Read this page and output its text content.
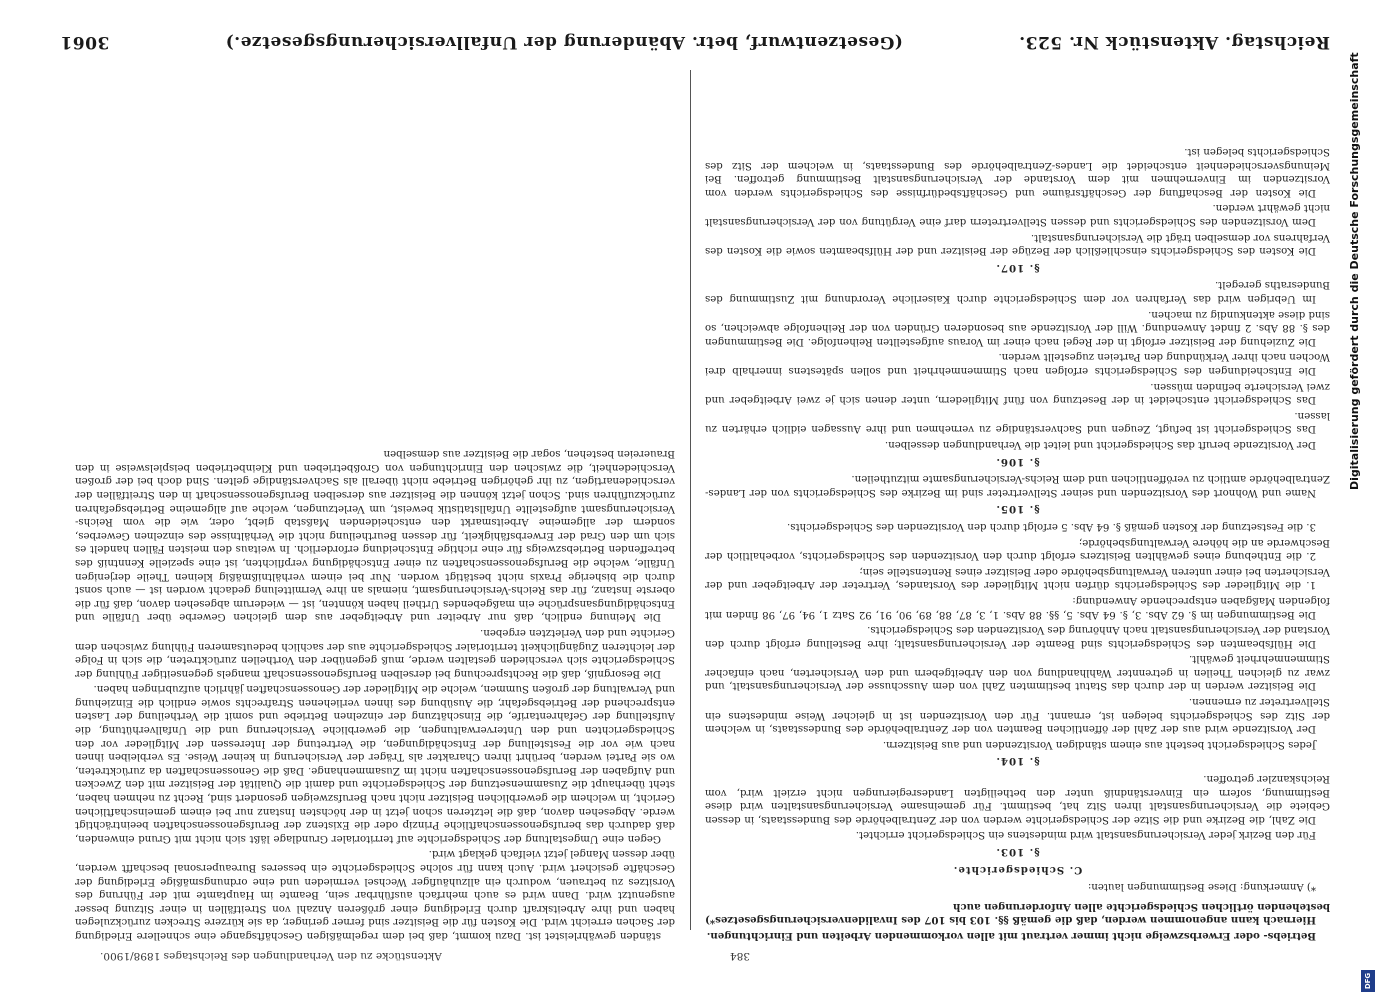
Reichstag. Aktenstück Nr. 523.
(Gesetzentwurf, betr. Abänderung der Unfallversicherungsgesetze.)
3061

Betriebs- oder Erwerbszweige nicht immer vertraut mit allen vorkommenden Arbeiten und Einrichtungen.

Hiernach kann angenommen werden, daß die gemäß §§. 103 bis 107 des Invalidenversicherungsgesetzes*) bestehenden örtlichen Schiedsgerichte allen Anforderungen auch

*) Anmerkung: Diese Bestimmungen lauten:

C. Schiedsgerichte.

§. 103.

Für den Bezirk jeder Versicherungsanstalt wird mindestens ein Schiedsgericht errichtet.

Die Zahl, die Bezirke und die Sitze der Schiedsgerichte werden von der Zentralbehörde des Bundesstaats, in dessen Gebiete die Versicherungsanstalt ihren Sitz hat, bestimmt. Für gemeinsame Versicherungsanstalten wird diese Bestimmung, sofern ein Einverständniß unter den betheiligten Landesregierungen nicht erzielt wird, vom Reichskanzler getroffen.

§. 104.

Jedes Schiedsgericht besteht aus einem ständigen Vorsitzenden und aus Beisitzern.

Der Vorsitzende wird aus der Zahl der öffentlichen Beamten von der Zentralbehörde des Bundesstaats, in welchem der Sitz des Schiedsgerichts belegen ist, ernannt. Für den Vorsitzenden ist in gleicher Weise mindestens ein Stellvertreter zu ernennen.

Die Beisitzer werden in der durch das Statut bestimmten Zahl von dem Ausschusse der Versicherungsanstalt, und zwar zu gleichen Theilen in getrennter Wahlhandlung von den Arbeitgebern und den Versicherten, nach einfacher Stimmenmehrheit gewählt.

Die Hülfsbeamten des Schiedsgerichts sind Beamte der Versicherungsanstalt; ihre Bestellung erfolgt durch den Vorstand der Versicherungsanstalt nach Anhörung des Vorsitzenden des Schiedsgerichts.

Die Bestimmungen im §. 62 Abs. 3, §. 64 Abs. 5, §§. 88 Abs. 1, 3, 87, 88, 89, 90, 91, 92 Satz 1, 94, 97, 98 finden mit folgenden Maßgaben entsprechende Anwendung:

1. die Mitglieder des Schiedsgerichts dürfen nicht Mitglieder des Vorstandes, Vertreter der Arbeitgeber und der Versicherten bei einer unteren Verwaltungsbehörde oder Beisitzer eines Rentenstelle sein;

2. die Enthebung eines gewählten Beisitzers erfolgt durch den Vorsitzenden des Schiedsgerichts, vorbehaltlich der Beschwerde an die höhere Verwaltungsbehörde;

3. die Festsetzung der Kosten gemäß §. 64 Abs. 5 erfolgt durch den Vorsitzenden des Schiedsgerichts.

§. 105.

Name und Wohnort des Vorsitzenden und seiner Stellvertreter sind im Bezirke des Schiedsgerichts von der Landes-Zentralbehörde amtlich zu veröffentlichen und dem Reichs-Versicherungsamte mitzutheilen.

§. 106.

Der Vorsitzende beruft das Schiedsgericht und leitet die Verhandlungen desselben.

Das Schiedsgericht ist befugt, Zeugen und Sachverständige zu vernehmen und ihre Aussagen eidlich erhärten zu lassen.

Das Schiedsgericht entscheidet in der Besetzung von fünf Mitgliedern, unter denen sich je zwei Arbeitgeber und zwei Versicherte befinden müssen.

Die Entscheidungen des Schiedsgerichts erfolgen nach Stimmenmehrheit und sollen spätestens innerhalb drei Wochen nach ihrer Verkündung den Parteien zugestellt werden.

Die Zuziehung der Beisitzer erfolgt in der Regel nach einer im Voraus aufgestellten Reihenfolge. Die Bestimmungen des §. 88 Abs. 2 findet Anwendung. Will der Vorsitzende aus besonderen Gründen von der Reihenfolge abweichen, so sind diese aktenkundig zu machen.

Im Uebrigen wird das Verfahren vor dem Schiedsgerichte durch Kaiserliche Verordnung mit Zustimmung des Bundesraths geregelt.

§. 107.

Die Kosten des Schiedsgerichts einschließlich der Bezüge der Beisitzer und der Hülfsbeamten sowie die Kosten des Verfahrens vor demselben trägt die Versicherungsanstalt.

Dem Vorsitzenden des Schiedsgerichts und dessen Stellvertretern darf eine Vergütung von der Versicherungsanstalt nicht gewährt werden.

Die Kosten der Beschaffung der Geschäftsräume und Geschäftsbedürfnisse des Schiedsgerichts werden vom Vorsitzenden im Einvernehmen mit dem Vorstande der Versicherungsanstalt Bestimmung getroffen. Bei Meinungsverschiedenheit entscheidet die Landes-Zentralbehörde des Bundesstaats, in welchem der Sitz des Schiedsgerichts belegen ist.

ständen gewährleistet ist. Dazu kommt, daß bei dem regelmäßigen Geschäftsgange eine schnellere Erledigung der Sachen erreicht wird. Die Kosten für die Beisitzer sind ferner geringer, da sie kürzere Strecken zurückzulegen haben und ihre Arbeitskraft durch Erledigung einer größeren Anzahl von Streitfällen in einer Sitzung besser ausgenutzt wird. Dann wird es auch mehrfach ausführbar sein, Beamte im Hauptamte mit der Führung des Vorsitzes zu betrauen, wodurch ein allzuhäufiger Wechsel vermieden und eine ordnungsmäßige Erledigung der Geschäfte gesichert wird. Auch kann für solche Schiedsgerichte ein besseres Bureaupersonal beschafft werden, über dessen Mangel jetzt vielfach geklagt wird.

Gegen eine Umgestaltung der Schiedsgerichte auf territorialer Grundlage läßt sich nicht mit Grund einwenden, daß dadurch das berufsgenossenschaftliche Prinzip oder die Existenz der Berufsgenossenschaften beeinträchtigt werde. Abgesehen davon, daß die letzteren schon jetzt in der höchsten Instanz nur bei einem gemeinschaftlichen Gericht, in welchem die gewerblichen Beisitzer nicht nach Berufszweigen gesondert sind, Recht zu nehmen haben, steht überhaupt die Zusammensetzung der Schiedsgerichte und damit die Qualität der Beisitzer mit den Zwecken und Aufgaben der Berufsgenossenschaften nicht im Zusammenhange. Daß die Genossenschaften da zurücktreten, wo sie Partei werden, berührt ihren Charakter als Träger der Versicherung in keiner Weise. Es verbleiben ihnen nach wie vor die Feststellung der Entschädigungen, die Vertretung der Interessen der Mitglieder vor den Schiedsgerichten und den Unterverwaltungen, die gewerbliche Versicherung und die Unfallverhütung, die Aufstellung der Gefahrentarife, die Einschätzung der einzelnen Betriebe und somit die Vertheilung der Lasten entsprechend der Betriebsgefahr, die Ausübung des ihnen verliehenen Strafrechts sowie endlich die Einziehung und Verwaltung der großen Summen, welche die Mitglieder der Genossenschaften jährlich aufzubringen haben.

Die Besorgniß, daß die Rechtsprechung bei derselben Berufsgenossenschaft mangels gegenseitiger Fühlung der Schiedsgerichte sich verschieden gestalten werde, muß gegenüber den Vortheilen zurücktreten, die sich in Folge der leichteren Zugänglichkeit territorialer Schiedsgerichte aus der sachlich bedeutsameren Fühlung zwischen dem Gerichte und den Verletzten ergeben.

Die Meinung endlich, daß nur Arbeiter und Arbeitgeber aus dem gleichen Gewerbe über Unfälle und Entschädigungsansprüche ein maßgebendes Urtheil haben könnten, ist — wiederum abgesehen davon, daß für die oberste Instanz, für das Reichs-Versicherungsamt, niemals an ihre Vermittelung gedacht worden ist — auch sonst durch die bisherige Praxis nicht bestätigt worden. Nur bei einem verhältnißmäßig kleinen Theile derjenigen Unfälle, welche die Berufsgenossenschaften zu einer Entschädigung verpflichten, ist eine spezielle Kenntniß des betreffenden Betriebszweigs für eine richtige Entscheidung erforderlich. In weitaus den meisten Fällen handelt es sich um den Grad der Erwerbsfähigkeit, für dessen Beurtheilung nicht die Verhältnisse des einzelnen Gewerbes, sondern der allgemeine Arbeitsmarkt den entscheidenden Maßstab giebt, oder, wie die vom Reichs-Versicherungsamt aufgestellte Unfallstatistik beweist, um Verletzungen, welche auf allgemeine Betriebsgefahren zurückzuführen sind. Schon jetzt können die Beisitzer aus derselben Berufsgenossenschaft in den Streitfällen der verschiedenartigen, zu ihr gehörigen Betriebe nicht überall als Sachverständige gelten. Sind doch bei der großen Verschiedenheit, die zwischen den Einrichtungen von Großbetrieben und Kleinbetrieben beispielsweise in den Brauereien bestehen, sogar die Beisitzer aus demselben

Aktenstücke zu den Verhandlungen des Reichstages 1898/1900.	384
Digitalisierung gefördert durch die Deutsche Forschungsgemeinschaft
DFG
